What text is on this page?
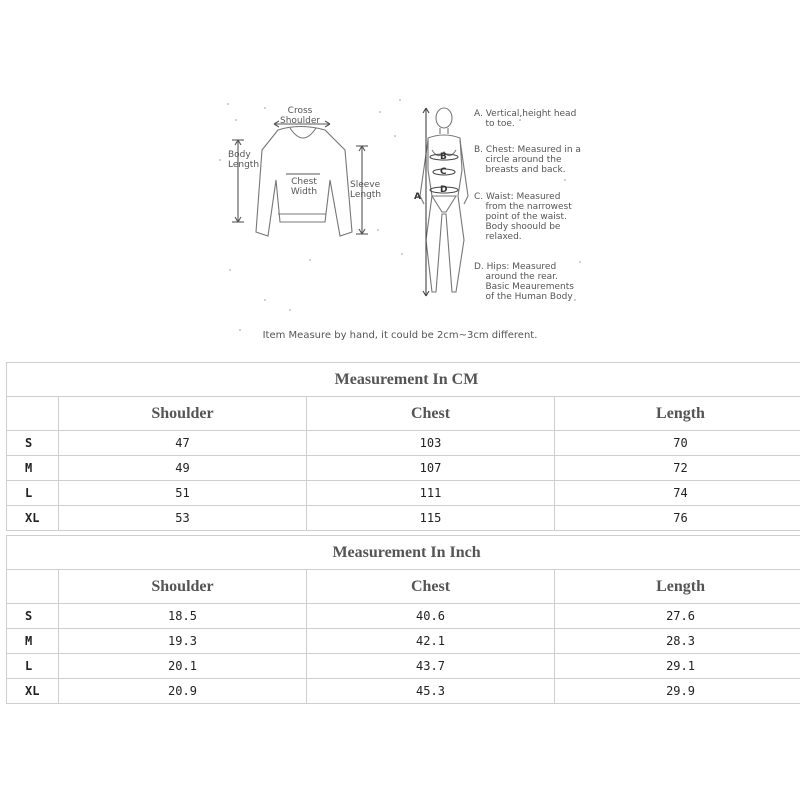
Cross
Shoulder
Body
Length
Chest
Width
Sleeve
Length	A
B
C
D
A. Vertical,height head
to toe.
B. Chest: Measured in a
circle around the
breasts and back.
C. Waist: Measured
from the narrowest
point of the waist.
Body shoould be
relaxed.
D. Hips: Measured
around the rear.
Basic Meaurements
of the Human Body
Item Measure by hand, it could be 2cm~3cm different.
Measurement In CM			
	Shoulder	Chest	Length
S	47	103	70
M	49	107	72
L	51	111	74
XL	53	115	76
Measurement In Inch			
	Shoulder	Chest	Length
S	18.5	40.6	27.6
M	19.3	42.1	28.3
L	20.1	43.7	29.1
XL	20.9	45.3	29.9
